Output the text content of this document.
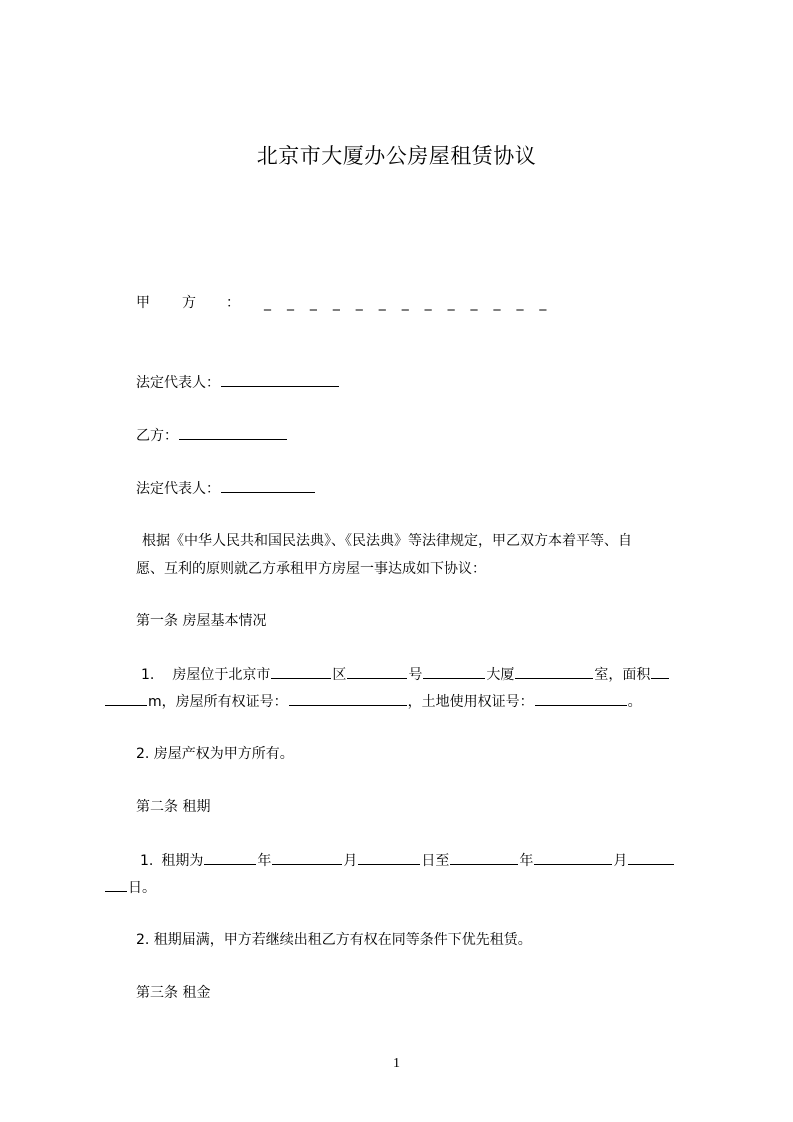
北京市大厦办公房屋租赁协议
甲 方 ： _ _ _ _ _ _ _ _ _ _ _ _ _
法定代表人：
乙方：
法定代表人：
根据《中华人民共和国民法典》、《民法典》等法律规定，甲乙双方本着平等、自
愿、互利的原则就乙方承租甲方房屋一事达成如下协议：
第一条 房屋基本情况
1. 房屋位于北京市	区	号	大厦	室，面积
m，房屋所有权证号：	，土地使用权证号：	。
2. 房屋产权为甲方所有。
第二条 租期
1. 租期为	年	月	日至	年	月
日。
2. 租期届满，甲方若继续出租乙方有权在同等条件下优先租赁。
第三条 租金
1
